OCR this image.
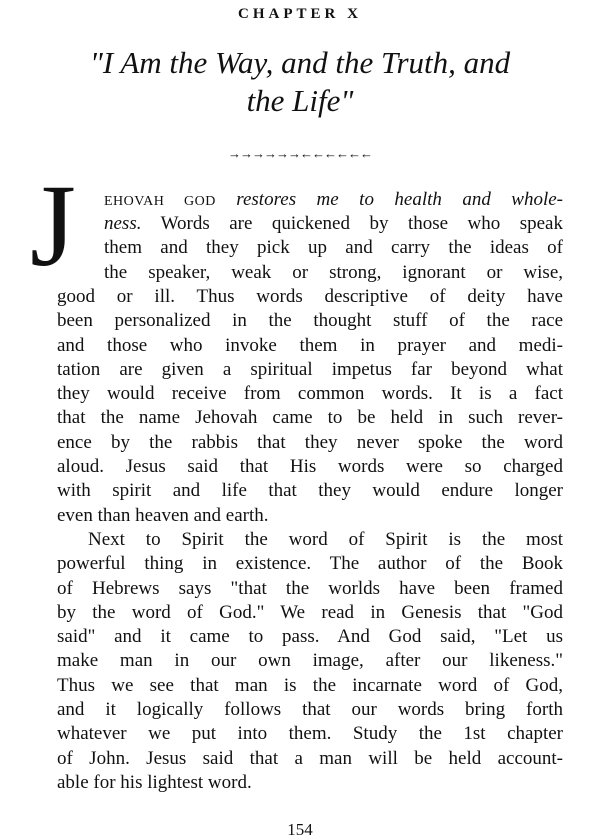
CHAPTER X
"I Am the Way, and the Truth, and
the Life"
→→→→→→←←←←←←
J EHOVAH GOD restores me to health and whole-
ness. Words are quickened by those who speak
them and they pick up and carry the ideas of
the speaker, weak or strong, ignorant or wise,
good or ill. Thus words descriptive of deity have
been personalized in the thought stuff of the race
and those who invoke them in prayer and medi-
tation are given a spiritual impetus far beyond what
they would receive from common words. It is a fact
that the name Jehovah came to be held in such rever-
ence by the rabbis that they never spoke the word
aloud. Jesus said that His words were so charged
with spirit and life that they would endure longer
even than heaven and earth.
Next to Spirit the word of Spirit is the most
powerful thing in existence. The author of the Book
of Hebrews says "that the worlds have been framed
by the word of God." We read in Genesis that "God
said" and it came to pass. And God said, "Let us
make man in our own image, after our likeness."
Thus we see that man is the incarnate word of God,
and it logically follows that our words bring forth
whatever we put into them. Study the 1st chapter
of John. Jesus said that a man will be held account-
able for his lightest word.
154
